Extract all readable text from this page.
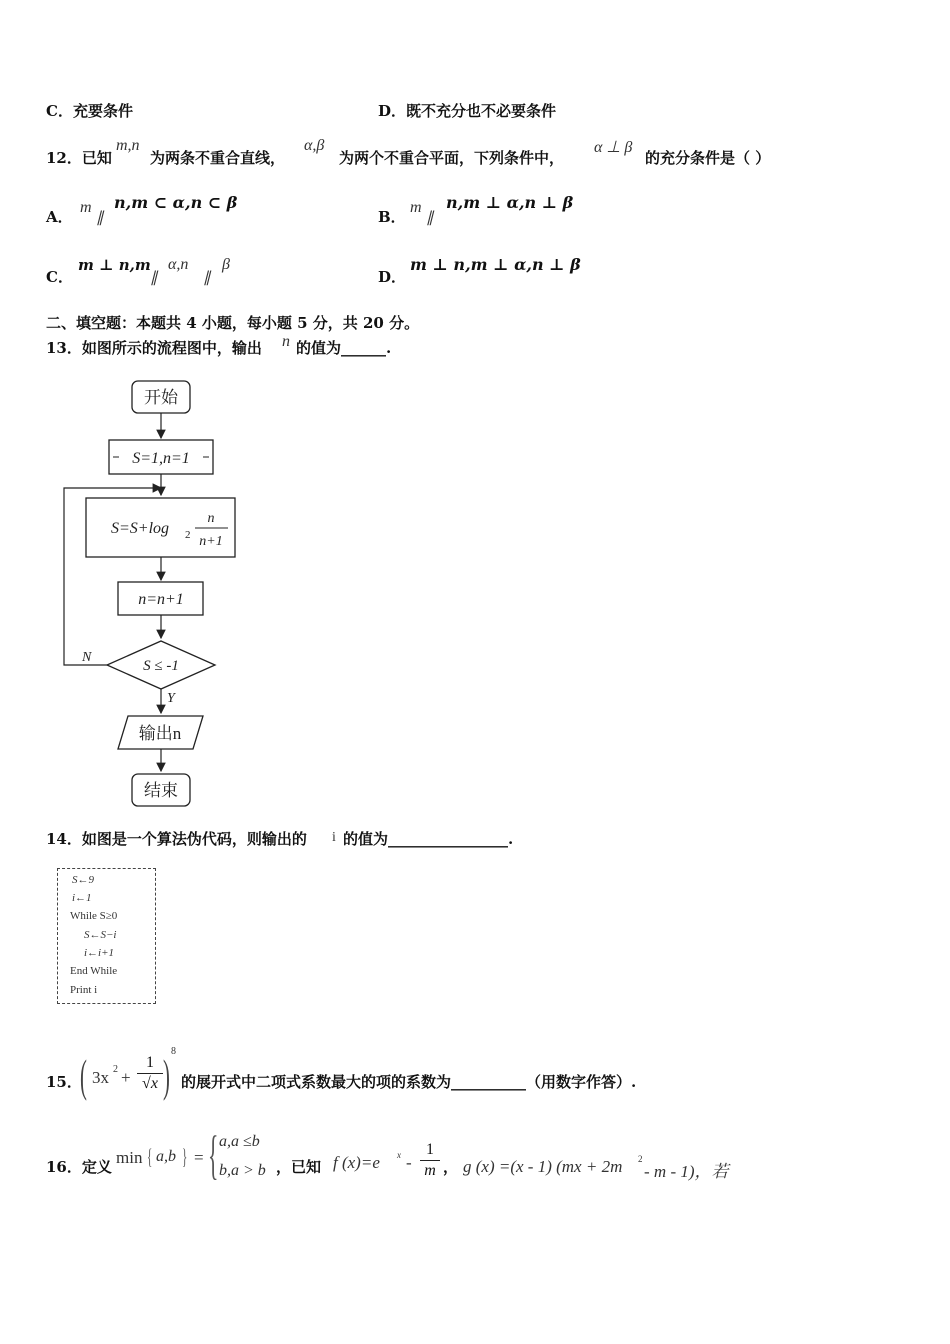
C．充要条件	D．既不充分也不必要条件
12．已知
m,n
为两条不重合直线，
α,β
为两个不重合平面，下列条件中，
α ⊥ β
的充分条件是（ ）
A．
m
∥
n,m ⊂ α,n ⊂ β
B．
m
∥
n,m ⊥ α,n ⊥ β
C．
m ⊥ n,m
∥
α,n
∥
β
D．
m ⊥ n,m ⊥ α,n ⊥ β
二、填空题：本题共 4 小题，每小题 5 分，共 20 分。
13．如图所示的流程图中，输出 n 的值为______.
开始
S=1,n=1
S=S+log 2
n
n+1
n=n+1
S ≤ -1
N
Y
输出n
结束
14．如图是一个算法伪代码，则输出的 i 的值为________________.
S←9
i←1
While S≥0
S←S−i
i←i+1
End While
Print i
15．
( 3x 2 +
1
√x ) 8
的展开式中二项式系数最大的项的系数为__________（用数字作答）.
16．定义 min { a,b } = { a,a ≤b
b,a > b ，已知 f (x)=e x -
1
m ， g (x) =(x - 1) (mx + 2m 2
- m - 1)，若
